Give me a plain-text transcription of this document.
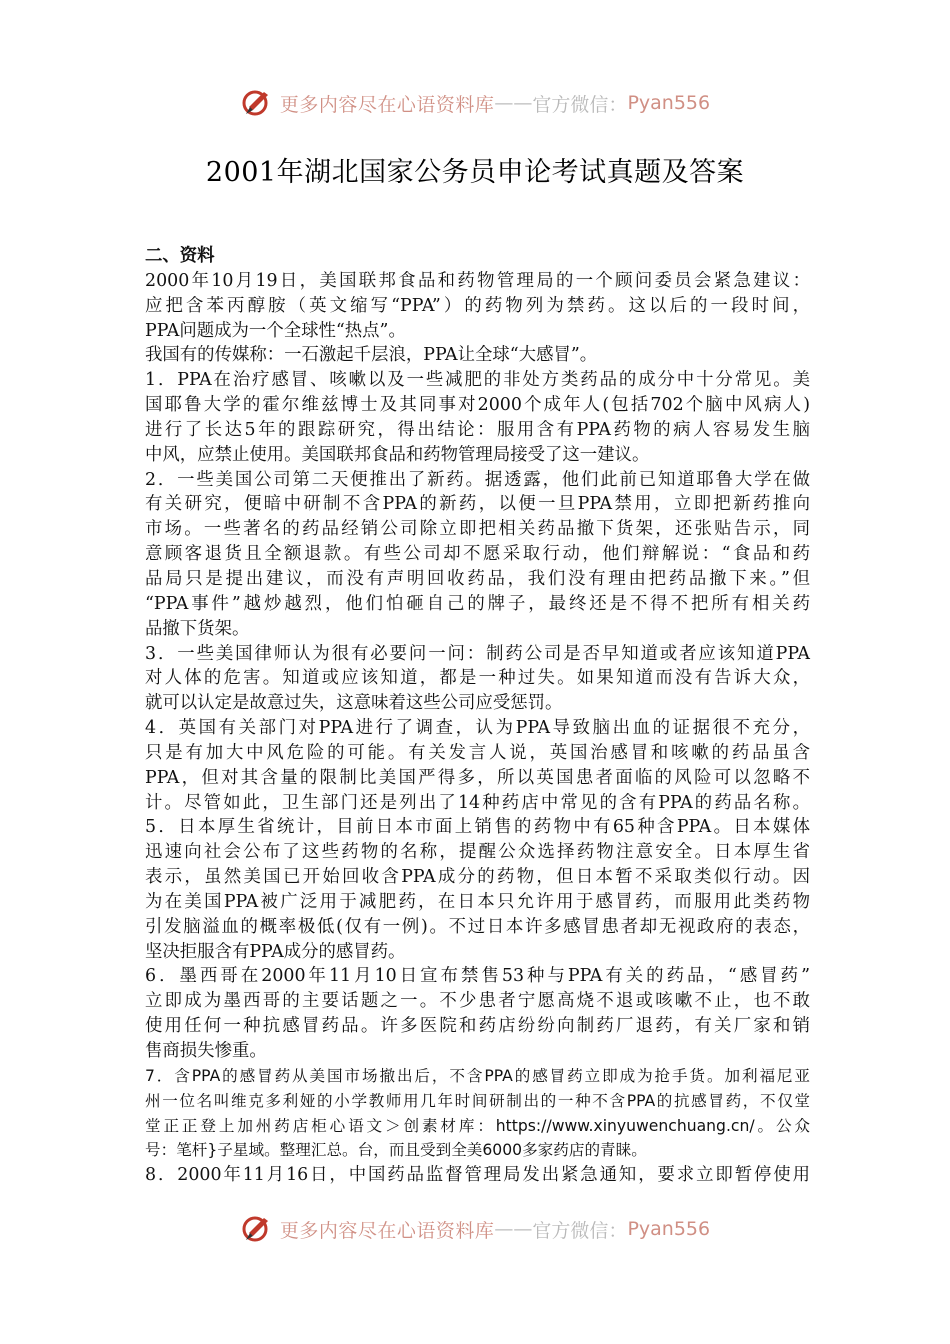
更多内容尽在心语资料库 —— 官方微信： Pyan556
2001年湖北国家公务员申论考试真题及答案
二、资料
2000年10月19日，美国联邦食品和药物管理局的一个顾问委员会紧急建议：
应把含苯丙醇胺（英文缩写“PPA”）的药物列为禁药。这以后的一段时间，
PPA问题成为一个全球性“热点”。
我国有的传媒称：一石激起千层浪，PPA让全球“大感冒”。
1．PPA在治疗感冒、咳嗽以及一些减肥的非处方类药品的成分中十分常见。美
国耶鲁大学的霍尔维兹博士及其同事对2000个成年人(包括702个脑中风病人)
进行了长达5年的跟踪研究，得出结论：服用含有PPA药物的病人容易发生脑
中风，应禁止使用。美国联邦食品和药物管理局接受了这一建议。
2．一些美国公司第二天便推出了新药。据透露，他们此前已知道耶鲁大学在做
有关研究，便暗中研制不含PPA的新药，以便一旦PPA禁用，立即把新药推向
市场。一些著名的药品经销公司除立即把相关药品撤下货架，还张贴告示，同
意顾客退货且全额退款。有些公司却不愿采取行动，他们辩解说：“食品和药
品局只是提出建议，而没有声明回收药品，我们没有理由把药品撤下来。”但
“PPA事件”越炒越烈，他们怕砸自己的牌子，最终还是不得不把所有相关药
品撤下货架。
3．一些美国律师认为很有必要问一问：制药公司是否早知道或者应该知道PPA
对人体的危害。知道或应该知道，都是一种过失。如果知道而没有告诉大众，
就可以认定是故意过失，这意味着这些公司应受惩罚。
4．英国有关部门对PPA进行了调查，认为PPA导致脑出血的证据很不充分，
只是有加大中风危险的可能。有关发言人说，英国治感冒和咳嗽的药品虽含
PPA，但对其含量的限制比美国严得多，所以英国患者面临的风险可以忽略不
计。尽管如此，卫生部门还是列出了14种药店中常见的含有PPA的药品名称。
5．日本厚生省统计，目前日本市面上销售的药物中有65种含PPA。日本媒体
迅速向社会公布了这些药物的名称，提醒公众选择药物注意安全。日本厚生省
表示，虽然美国已开始回收含PPA成分的药物，但日本暂不采取类似行动。因
为在美国PPA被广泛用于减肥药，在日本只允许用于感冒药，而服用此类药物
引发脑溢血的概率极低(仅有一例)。不过日本许多感冒患者却无视政府的表态，
坚决拒服含有PPA成分的感冒药。
6．墨西哥在2000年11月10日宣布禁售53种与PPA有关的药品，“感冒药”
立即成为墨西哥的主要话题之一。不少患者宁愿高烧不退或咳嗽不止，也不敢
使用任何一种抗感冒药品。许多医院和药店纷纷向制药厂退药，有关厂家和销
售商损失惨重。
7．含PPA的感冒药从美国市场撤出后，不含PPA的感冒药立即成为抢手货。加利福尼亚
州一位名叫维克多利娅的小学教师用几年时间研制出的一种不含PPA的抗感冒药，不仅堂
堂正正登上加州药店柜心语文＞创素材库：https://www.xinyuwenchuang.cn/。公众
号：笔杆}子星域。整理汇总。台，而且受到全美6000多家药店的青睐。
8．2000年11月16日，中国药品监督管理局发出紧急通知，要求立即暂停使用
更多内容尽在心语资料库 —— 官方微信： Pyan556
